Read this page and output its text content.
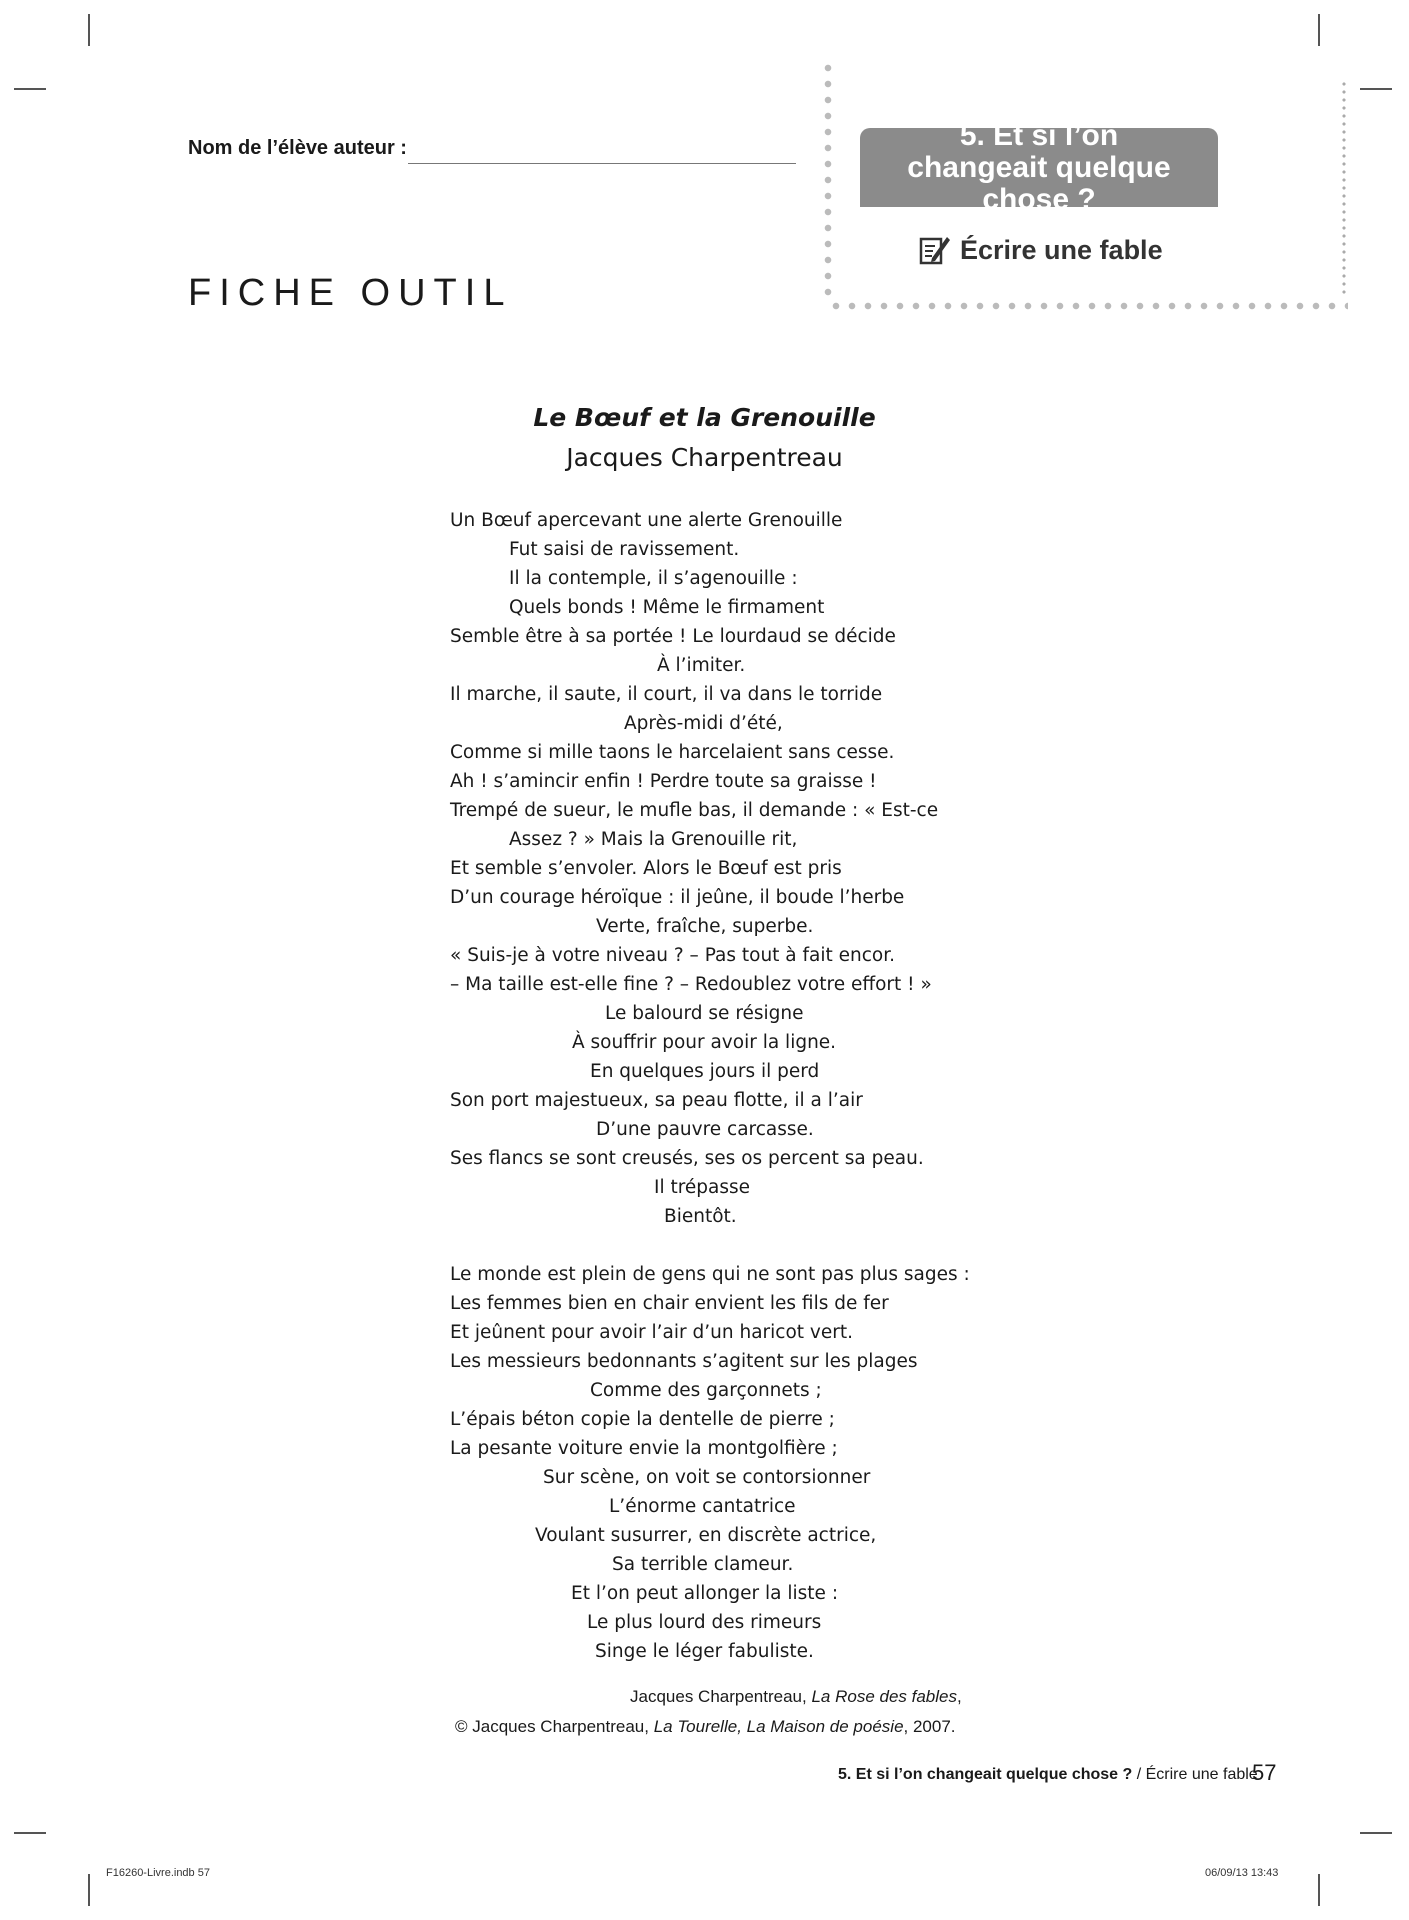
Nom de l’élève auteur :
FICHE OUTIL
5. Et si l’on changeait quelque chose ?
Écrire une fable
Le Bœuf et la Grenouille
Jacques Charpentreau
Un Bœuf apercevant une alerte Grenouille
Fut saisi de ravissement.
Il la contemple, il s’agenouille :
Quels bonds ! Même le firmament
Semble être à sa portée ! Le lourdaud se décide
À l’imiter.
Il marche, il saute, il court, il va dans le torride
Après-midi d’été,
Comme si mille taons le harcelaient sans cesse.
Ah ! s’amincir enfin ! Perdre toute sa graisse !
Trempé de sueur, le mufle bas, il demande : « Est-ce
Assez ? » Mais la Grenouille rit,
Et semble s’envoler. Alors le Bœuf est pris
D’un courage héroïque : il jeûne, il boude l’herbe
Verte, fraîche, superbe.
« Suis-je à votre niveau ? – Pas tout à fait encor.
– Ma taille est-elle fine ? – Redoublez votre effort ! »
Le balourd se résigne
À souffrir pour avoir la ligne.
En quelques jours il perd
Son port majestueux, sa peau flotte, il a l’air
D’une pauvre carcasse.
Ses flancs se sont creusés, ses os percent sa peau.
Il trépasse
Bientôt.
Le monde est plein de gens qui ne sont pas plus sages :
Les femmes bien en chair envient les fils de fer
Et jeûnent pour avoir l’air d’un haricot vert.
Les messieurs bedonnants s’agitent sur les plages
Comme des garçonnets ;
L’épais béton copie la dentelle de pierre ;
La pesante voiture envie la montgolfière ;
Sur scène, on voit se contorsionner
L’énorme cantatrice
Voulant susurrer, en discrète actrice,
Sa terrible clameur.
Et l’on peut allonger la liste :
Le plus lourd des rimeurs
Singe le léger fabuliste.
Jacques Charpentreau, La Rose des fables,
© Jacques Charpentreau, La Tourelle, La Maison de poésie, 2007.
5. Et si l’on changeait quelque chose ? / Écrire une fable
57
F16260-Livre.indb 57	06/09/13 13:43
